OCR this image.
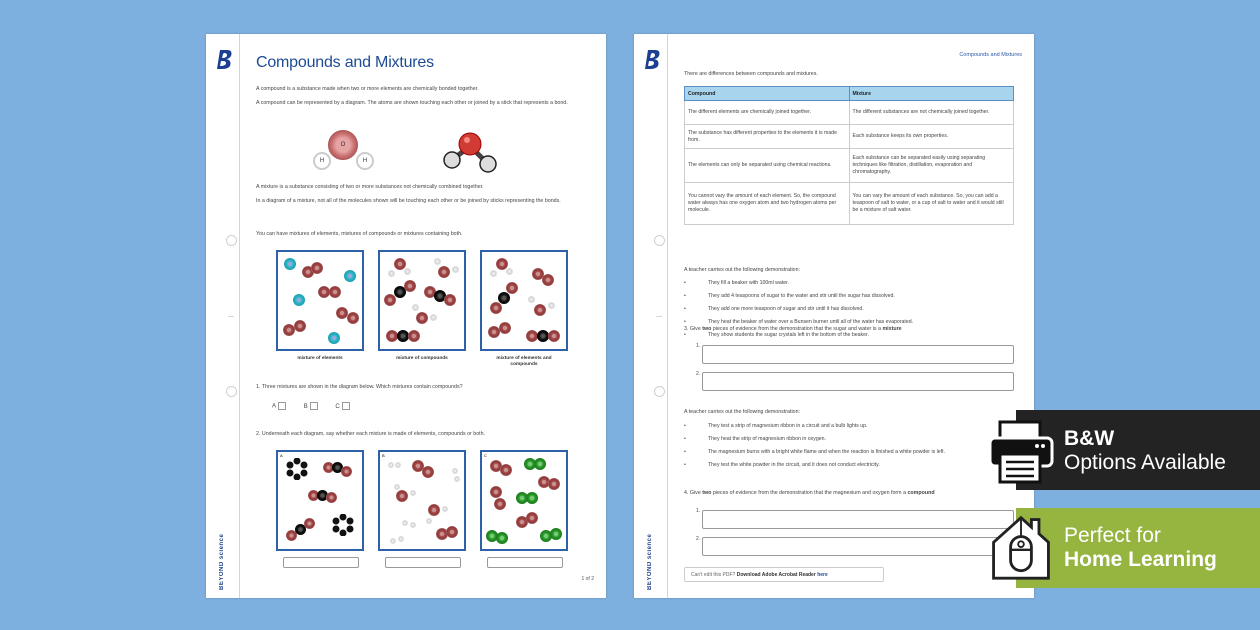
BEYOND science
Compounds and Mixtures
A compound is a substance made when two or more elements are chemically bonded together.
A compound can be represented by a diagram. The atoms are shown touching each other or joined by a stick that represents a bond.
O
H	H
A mixture is a substance consisting of two or more substances not chemically combined together.
In a diagram of a mixture, not all of the molecules shown will be touching each other or be joined by sticks representing the bonds.
You can have mixtures of elements, mixtures of compounds or mixtures containing both.
mixture of elements	mixture of compounds	mixture of elements and compounds
1. Three mixtures are shown in the diagram below. Which mixtures contain compounds?
A	B	C
2. Underneath each diagram, say whether each mixture is made of elements, compounds or both.
A	B	C
1 of 2	BEYOND science
Compounds and Mixtures
There are differences between compounds and mixtures.
Compound	Mixture
The different elements are chemically joined together.	The different substances are not chemically joined together.
The substance has different properties to the elements it is made from.	Each substance keeps its own properties.
The elements can only be separated using chemical reactions.	Each substance can be separated easily using separating techniques like filtration, distillation, evaporation and chromatography.
You cannot vary the amount of each element. So, the compound water always has one oxygen atom and two hydrogen atoms per molecule.	You can vary the amount of each substance. So, you can add a teaspoon of salt to water, or a cup of salt to water and it would still be a mixture of salt water.
A teacher carries out the following demonstration:
• They fill a beaker with 100ml water.
• They add 4 teaspoons of sugar to the water and stir until the sugar has dissolved.
• They add one more teaspoon of sugar and stir until it has dissolved.
• They heat the beaker of water over a Bunsen burner until all of the water has evaporated.
• They show students the sugar crystals left in the bottom of the beaker.
3. Give two pieces of evidence from the demonstration that the sugar and water is a mixture
1.
2.
A teacher carries out the following demonstration:
• They test a strip of magnesium ribbon in a circuit and a bulb lights up.
• They heat the strip of magnesium ribbon in oxygen.
• The magnesium burns with a bright white flame and when the reaction is finished a white powder is left.
• They test the white powder in the circuit, and it does not conduct electricity.
4. Give two pieces of evidence from the demonstration that the magnesium and oxygen form a compound
1.
2.
Can't edit this PDF? Download Adobe Acrobat Reader here
B&W
Options Available
Perfect for
Home Learning
